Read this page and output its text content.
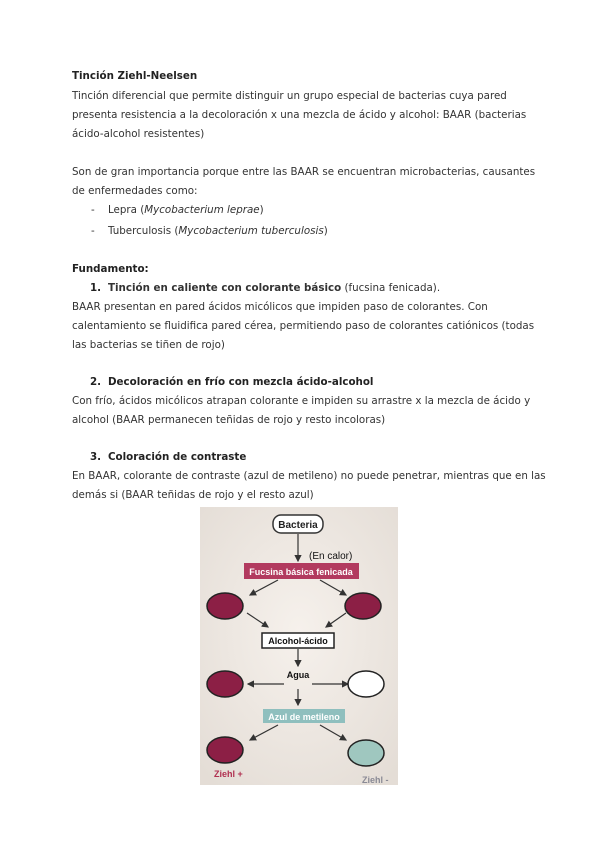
Tinción Ziehl-Neelsen

Tinción diferencial que permite distinguir un grupo especial de bacterias cuya pared

presenta resistencia a la decoloración x una mezcla de ácido y alcohol: BAAR (bacterias

ácido-alcohol resistentes)

Son de gran importancia porque entre las BAAR se encuentran microbacterias, causantes

de enfermedades como:

- Lepra (Mycobacterium leprae)
- Tuberculosis (Mycobacterium tuberculosis)

Fundamento:

1. Tinción en caliente con colorante básico (fucsina fenicada).

BAAR presentan en pared ácidos micólicos que impiden paso de colorantes. Con

calentamiento se fluidifica pared cérea, permitiendo paso de colorantes catiónicos (todas

las bacterias se tiñen de rojo)

2. Decoloración en frío con mezcla ácido-alcohol

Con frío, ácidos micólicos atrapan colorante e impiden su arrastre x la mezcla de ácido y

alcohol (BAAR permanecen teñidas de rojo y resto incoloras)

3. Coloración de contraste

En BAAR, colorante de contraste (azul de metileno) no puede penetrar, mientras que en las

demás si (BAAR teñidas de rojo y el resto azul)

Bacteria
(En calor)
Fucsina básica fenicada
Alcohol-ácido
Agua
Azul de metileno
Ziehl +
Ziehl -
